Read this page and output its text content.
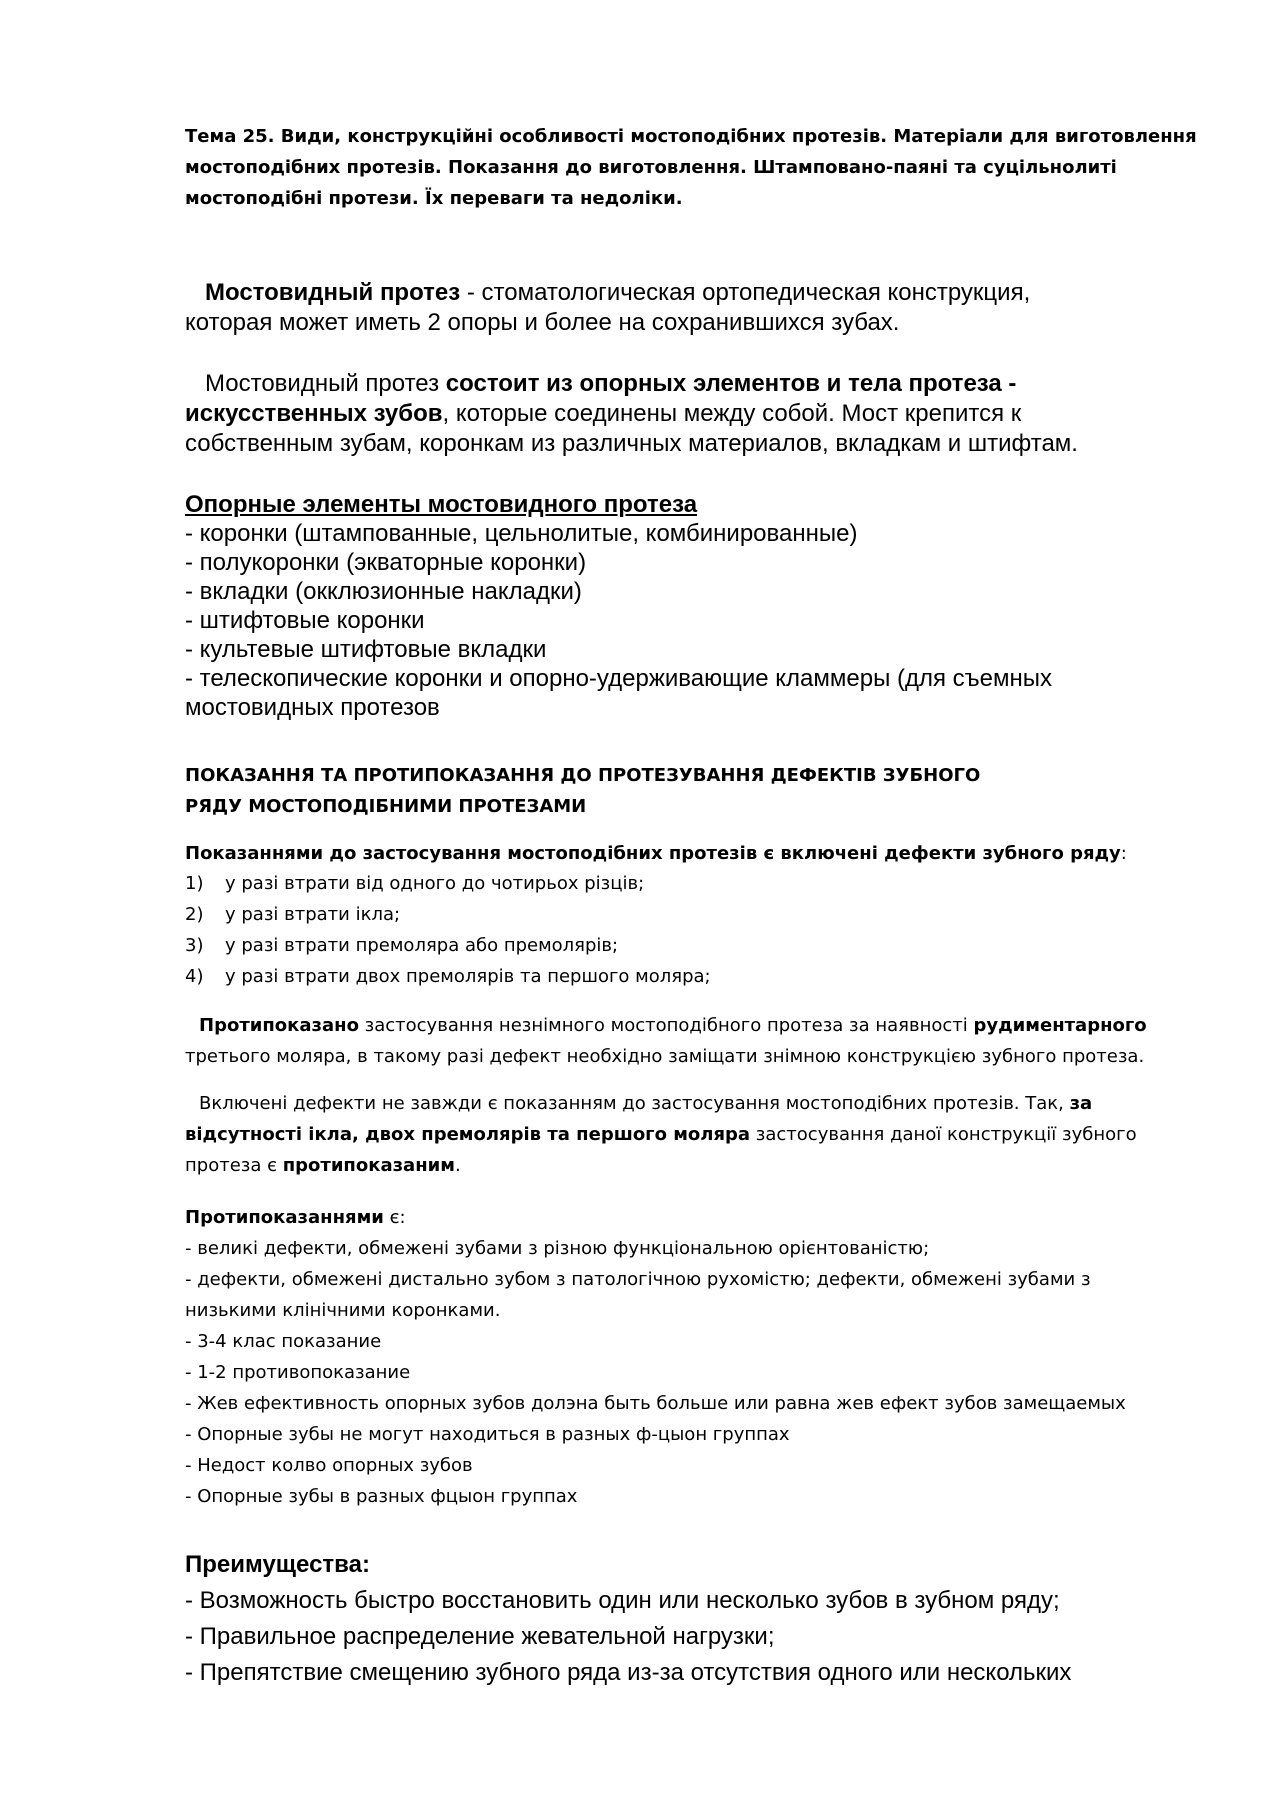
Тема 25. Види, конструкційні особливості мостоподібних протезів. Матеріали для виготовлення
мостоподібних протезів. Показання до виготовлення. Штамповано-паяні та суцільнолиті
мостоподібні протези. Їх переваги та недоліки.
Мостовидный протез - стоматологическая ортопедическая конструкция,
которая может иметь 2 опоры и более на сохранившихся зубах.
Мостовидный протез состоит из опорных элементов и тела протеза -
искусственных зубов, которые соединены между собой. Мост крепится к
собственным зубам, коронкам из различных материалов, вкладкам и штифтам.
Опорные элементы мостовидного протеза
- коронки (штампованные, цельнолитые, комбинированные)
- полукоронки (экваторные коронки)
- вкладки (окклюзионные накладки)
- штифтовые коронки
- культевые штифтовые вкладки
- телескопические коронки и опорно-удерживающие кламмеры (для съемных
мостовидных протезов
ПОКАЗАННЯ ТА ПРОТИПОКАЗАННЯ ДО ПРОТЕЗУВАННЯ ДЕФЕКТІВ ЗУБНОГО
РЯДУ МОСТОПОДІБНИМИ ПРОТЕЗАМИ
Показаннями до застосування мостоподібних протезів є включені дефекти зубного ряду:
1)	у разі втрати від одного до чотирьох різців;
2)	у разі втрати ікла;
3)	у разі втрати премоляра або премолярів;
4)	у разі втрати двох премолярів та першого моляра;
Протипоказано застосування незнімного мостоподібного протеза за наявності рудиментарного
третього моляра, в такому разі дефект необхідно заміщати знімною конструкцією зубного протеза.
Включені дефекти не завжди є показанням до застосування мостоподібних протезів. Так, за
відсутності ікла, двох премолярів та першого моляра застосування даної конструкції зубного
протеза є протипоказаним.
Протипоказаннями є:
- великі дефекти, обмежені зубами з різною функціональною орієнтованістю;
- дефекти, обмежені дистально зубом з патологічною рухомістю; дефекти, обмежені зубами з
низькими клінічними коронками.
- 3-4 клас показание
- 1-2 противопоказание
- Жев ефективность опорных зубов долэна быть больше или равна жев ефект зубов замещаемых
- Опорные зубы не могут находиться в разных ф-цыон группах
- Недост колво опорных зубов
- Опорные зубы в разных фцыон группах
Преимущества:
- Возможность быстро восстановить один или несколько зубов в зубном ряду;
- Правильное распределение жевательной нагрузки;
- Препятствие смещению зубного ряда из-за отсутствия одного или нескольких
